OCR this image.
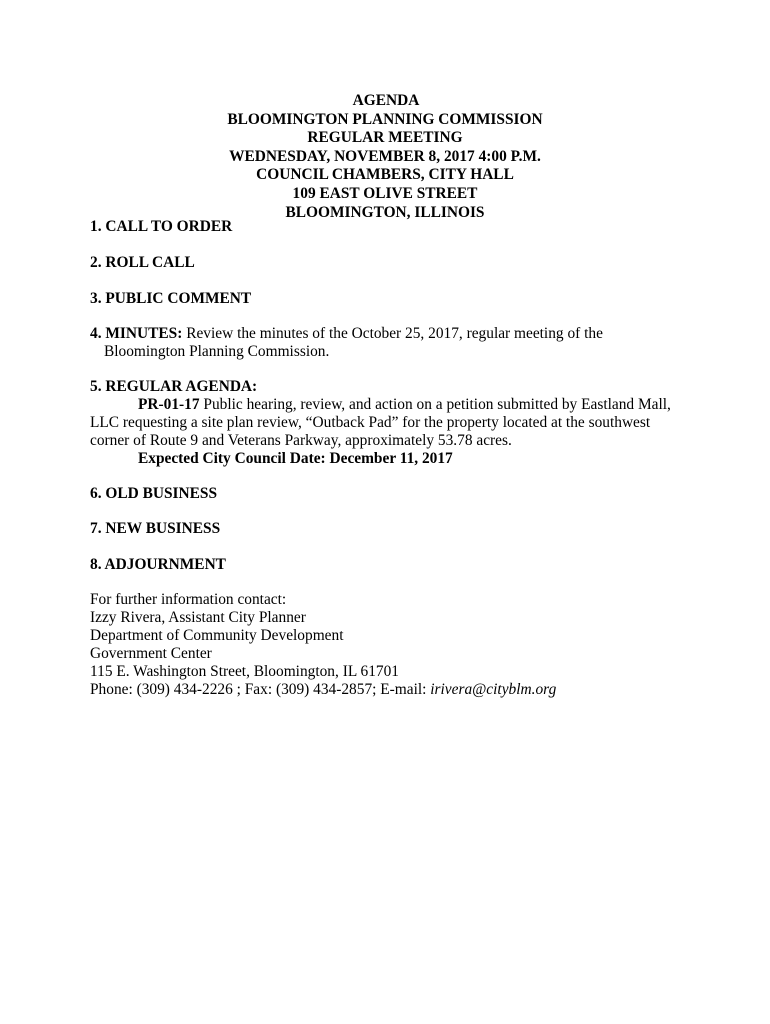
AGENDA
BLOOMINGTON PLANNING COMMISSION
REGULAR MEETING
WEDNESDAY, NOVEMBER 8, 2017 4:00 P.M.
COUNCIL CHAMBERS, CITY HALL
109 EAST OLIVE STREET
BLOOMINGTON, ILLINOIS
1. CALL TO ORDER
2. ROLL CALL
3. PUBLIC COMMENT
4. MINUTES: Review the minutes of the October 25, 2017, regular meeting of the
Bloomington Planning Commission.
5. REGULAR AGENDA:
PR-01-17 Public hearing, review, and action on a petition submitted by Eastland Mall,
LLC requesting a site plan review, “Outback Pad” for the property located at the southwest
corner of Route 9 and Veterans Parkway, approximately 53.78 acres.
Expected City Council Date: December 11, 2017
6. OLD BUSINESS
7. NEW BUSINESS
8. ADJOURNMENT
For further information contact:
Izzy Rivera, Assistant City Planner
Department of Community Development
Government Center
115 E. Washington Street, Bloomington, IL 61701
Phone: (309) 434-2226 ; Fax: (309) 434-2857; E-mail: irivera@cityblm.org
